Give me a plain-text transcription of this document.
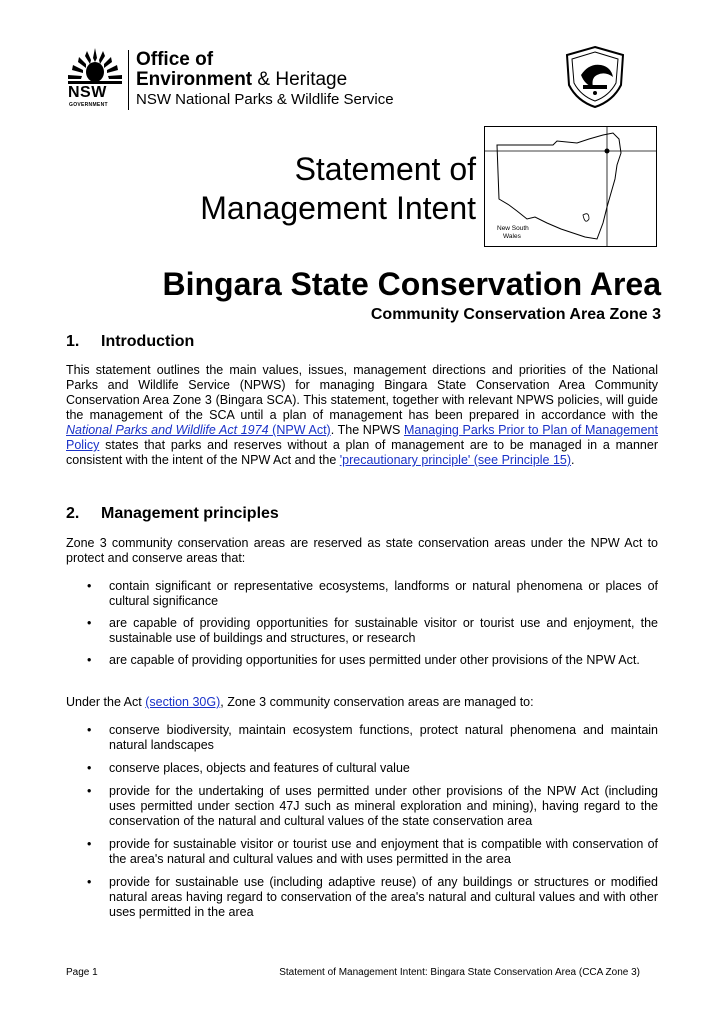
NSW
GOVERNMENT
Office of
Environment & Heritage
NSW National Parks & Wildlife Service
Statement of
Management Intent
New South
Wales
Bingara State Conservation Area
Community Conservation Area Zone 3
1. Introduction
This statement outlines the main values, issues, management directions and priorities of the National Parks and Wildlife Service (NPWS) for managing Bingara State Conservation Area Community Conservation Area Zone 3 (Bingara SCA). This statement, together with relevant NPWS policies, will guide the management of the SCA until a plan of management has been prepared in accordance with the National Parks and Wildlife Act 1974 (NPW Act). The NPWS Managing Parks Prior to Plan of Management Policy states that parks and reserves without a plan of management are to be managed in a manner consistent with the intent of the NPW Act and the 'precautionary principle' (see Principle 15).
2. Management principles
Zone 3 community conservation areas are reserved as state conservation areas under the NPW Act to protect and conserve areas that:
• contain significant or representative ecosystems, landforms or natural phenomena or places of cultural significance
• are capable of providing opportunities for sustainable visitor or tourist use and enjoyment, the sustainable use of buildings and structures, or research
• are capable of providing opportunities for uses permitted under other provisions of the NPW Act.
Under the Act (section 30G), Zone 3 community conservation areas are managed to:
• conserve biodiversity, maintain ecosystem functions, protect natural phenomena and maintain natural landscapes
• conserve places, objects and features of cultural value
• provide for the undertaking of uses permitted under other provisions of the NPW Act (including uses permitted under section 47J such as mineral exploration and mining), having regard to the conservation of the natural and cultural values of the state conservation area
• provide for sustainable visitor or tourist use and enjoyment that is compatible with conservation of the area's natural and cultural values and with uses permitted in the area
• provide for sustainable use (including adaptive reuse) of any buildings or structures or modified natural areas having regard to conservation of the area's natural and cultural values and with other uses permitted in the area
Page 1	Statement of Management Intent: Bingara State Conservation Area (CCA Zone 3)
